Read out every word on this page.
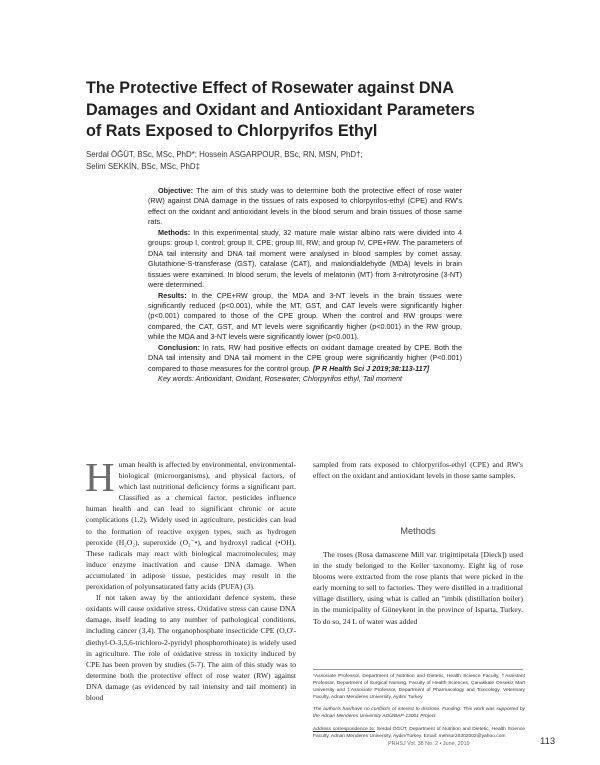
The Protective Effect of Rosewater against DNA
Damages and Oxidant and Antioxidant Parameters
of Rats Exposed to Chlorpyrifos Ethyl
Serdal ÖĞÜT, BSc, MSc, PhD*; Hossein ASGARPOUR, BSc, RN, MSN, PhD†;
Selim SEKKİN, BSc, MSc, PhD‡

Objective: The aim of this study was to determine both the protective effect of rose water (RW) against DNA damage in the tissues of rats exposed to chlorpyrifos-ethyl (CPE) and RW's effect on the oxidant and antioxidant levels in the blood serum and brain tissues of those same rats.

Methods: In this experimental study, 32 mature male wistar albino rats were divided into 4 groups: group I, control; group II, CPE; group III, RW; and group IV, CPE+RW. The parameters of DNA tail intensity and DNA tail moment were analysed in blood samples by comet assay. Glutathione-S-transferase (GST), catalase (CAT), and malondialdehyde (MDA) levels in brain tissues were examined. In blood serum, the levels of melatonin (MT) from 3-nitrotyrosine (3-NT) were determined.

Results: In the CPE+RW group, the MDA and 3-NT levels in the brain tissues were significantly reduced (p<0.001), while the MT, GST, and CAT levels were significantly higher (p<0.001) compared to those of the CPE group. When the control and RW groups were compared, the CAT, GST, and MT levels were significantly higher (p<0.001) in the RW group, while the MDA and 3-NT levels were significantly lower (p<0.001).

Conclusion: In rats, RW had positive effects on oxidant damage created by CPE. Both the DNA tail intensity and DNA tail moment in the CPE group were significantly higher (P<0.001) compared to those measures for the control group. [P R Health Sci J 2019;38:113-117]

Key words: Antioxidant, Oxidant, Rosewater, Chlorpyrifos ethyl, Tail moment

Human health is affected by environmental, environmental-biological (microorganisms), and physical factors, of which last nutritional deficiency forms a significant part. Classified as a chemical factor, pesticides influence human health and can lead to significant chronic or acute complications (1,2). Widely used in agriculture, pesticides can lead to the formation of reactive oxygen types, such as hydrogen peroxide (H₂O₂), superoxide (O₂⁻•), and hydroxyl radical (•OH). These radicals may react with biological macromolecules; may induce enzyme inactivation and cause DNA damage. When accumulated in adipose tissue, pesticides may result in the peroxidation of polyunsaturated fatty acids (PUFA) (3).

If not taken away by the antioxidant defence system, these oxidants will cause oxidative stress. Oxidative stress can cause DNA damage, itself leading to any number of pathological conditions, including cancer (3,4). The organophosphate insecticide CPE (O,O'-diethyl-O-3,5,6-trichloro-2-pyridyl phosphorothioate) is widely used in agriculture. The role of oxidative stress in toxicity induced by CPE has been proven by studies (5-7). The aim of this study was to determine both the protective effect of rose water (RW) against DNA damage (as evidenced by tail intensity and tail moment) in blood

sampled from rats exposed to chlorpyrifos-ethyl (CPE) and RW's effect on the oxidant and antioxidant levels in those same samples.

Methods

The roses (Rosa damascene Mill var. trigintipetala [Dieck]) used in the study belonged to the Keller taxonomy. Eight kg of rose blooms were extracted from the rose plants that were picked in the early morning to sell to factories. They were distilled in a traditional village distillery, using what is called an "imbik (distillation boiler) in the municipality of Güneykent in the province of Isparta, Turkey. To do so, 24 L of water was added

*Associate Professor, Department of Nutrition and Dietetic, Health Science Faculty, †Assistant Professor, Department of Surgical Nursing, Faculty of Health Sciences, Çanakkale Onsekiz Mart University and ‡Associate Professor, Department of Pharmacology and Toxicology, Veterinary Faculty, Adnan Menderes University, Aydin/ Turkey

The author/s has/have no conflict/s of interest to disclose. Funding: This work was supported by the Adnan Menderes University ADÜ/BAP-13001 Project.

Address correspondence to: Serdal ÖĞÜT, Department of Nutrition and Dietetic, Health Science Faculty, Adnan Menderes University, Aydin/Turkey. Email: mehsor20202002@yahoo.com

PRHSJ Vol. 38 No. 2 • June, 2019	113
